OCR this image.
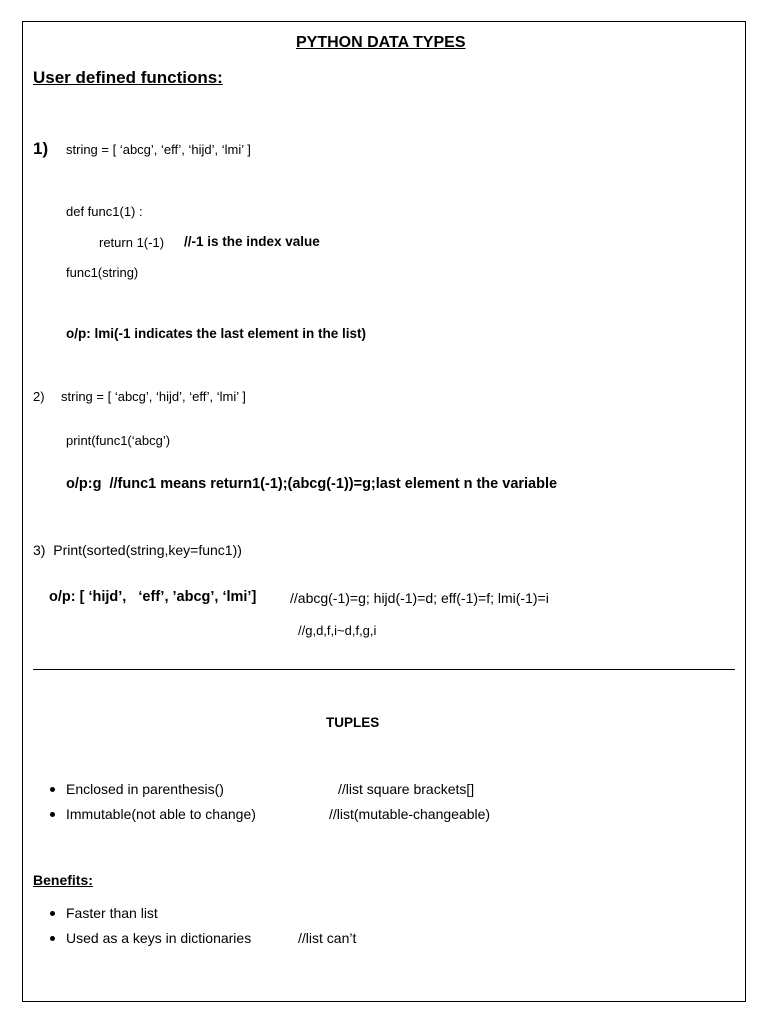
PYTHON DATA TYPES
User defined functions:
1) string = [ ‘abcg’, ‘eff’, ‘hijd’, ‘lmi’ ]
def func1(1) :
return 1(-1) //-1 is the index value
func1(string)
o/p: lmi(-1 indicates the last element in the list)
2) string = [ ‘abcg’, ‘hijd’, ‘eff’, ‘lmi’ ]
print(func1(‘abcg’)
o/p:g  //func1 means return1(-1);(abcg(-1))=g;last element n the variable
3)  Print(sorted(string,key=func1))
o/p: [ ‘hijd’,   ‘eff’, ’abcg’, ‘lmi’] //abcg(-1)=g; hijd(-1)=d; eff(-1)=f; lmi(-1)=i
//g,d,f,i~d,f,g,i
TUPLES
Enclosed in parenthesis()	//list square brackets[]
Immutable(not able to change)	//list(mutable-changeable)
Benefits:
Faster than list
Used as a keys in dictionaries	//list can’t
